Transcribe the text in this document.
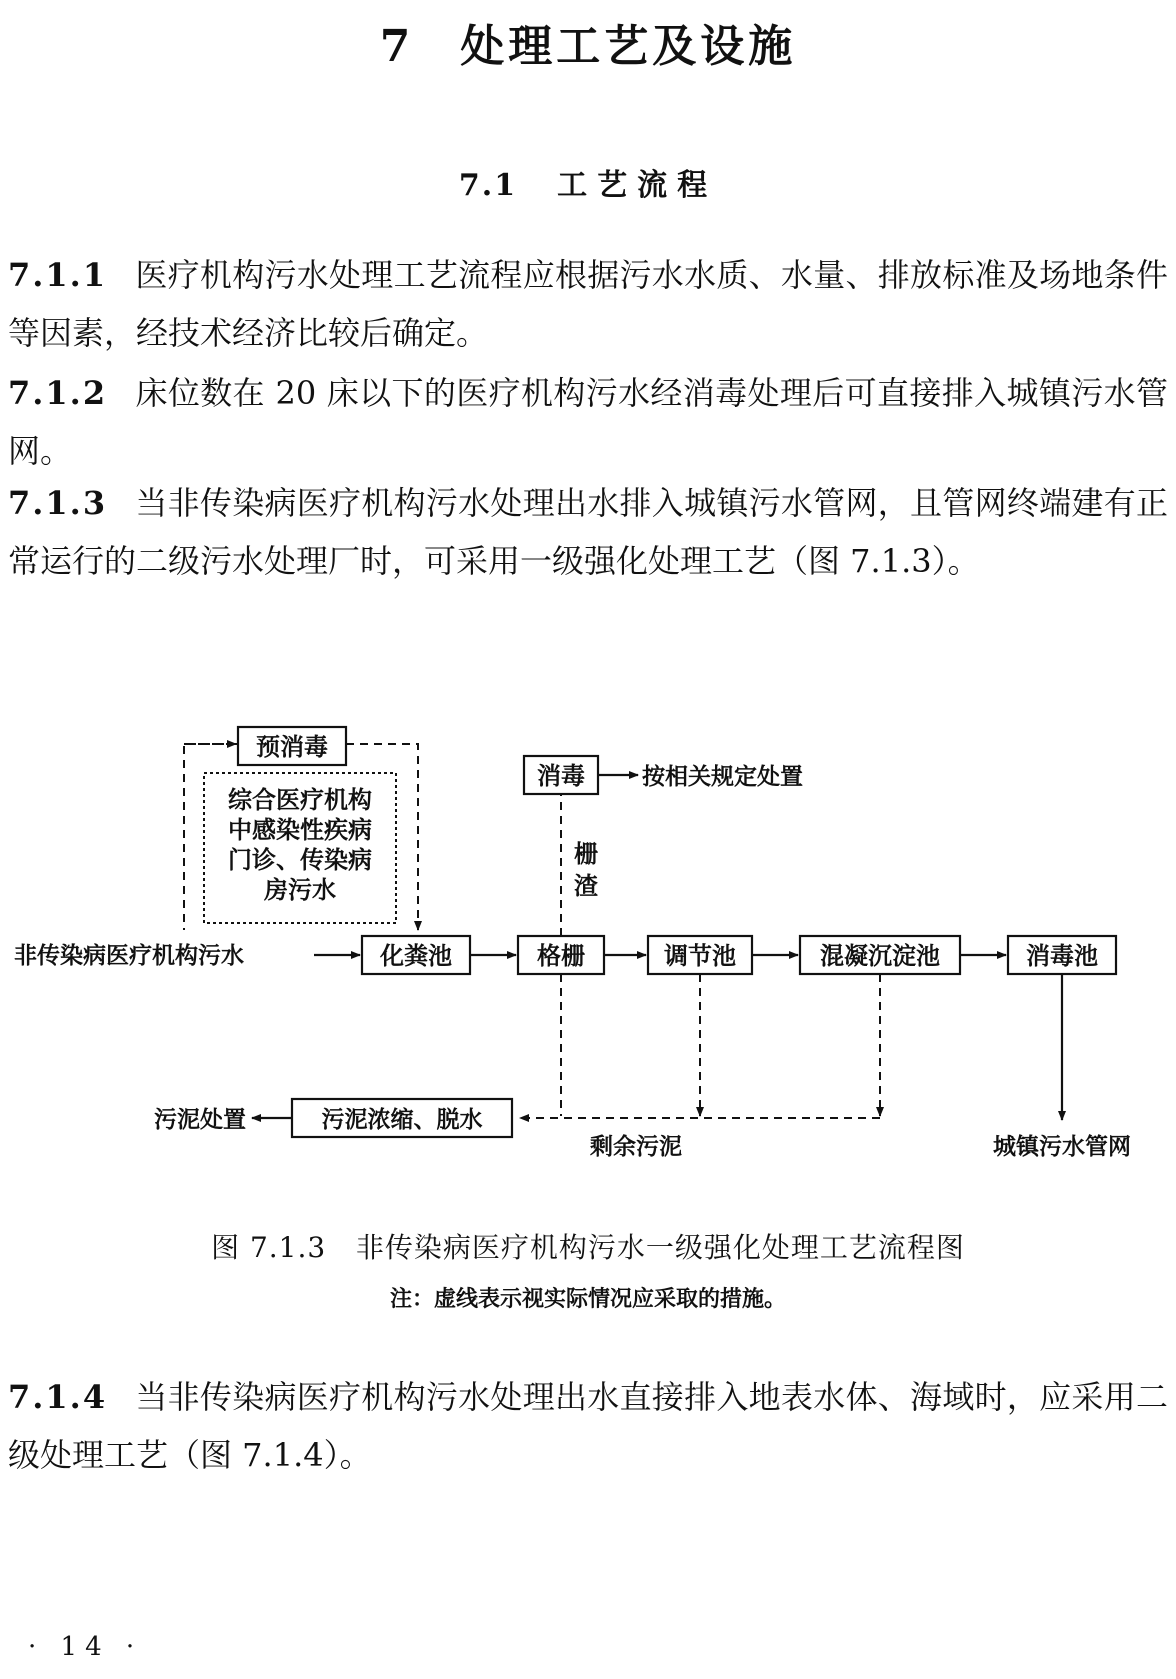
7 处理工艺及设施
7.1 工艺流程
7.1.1 医疗机构污水处理工艺流程应根据污水水质、水量、排放标准及场地条件等因素，经技术经济比较后确定。
7.1.2 床位数在 20 床以下的医疗机构污水经消毒处理后可直接排入城镇污水管网。
7.1.3 当非传染病医疗机构污水处理出水排入城镇污水管网，且管网终端建有正常运行的二级污水处理厂时，可采用一级强化处理工艺（图 7.1.3）。
预消毒
综合医疗机构
中感染性疾病
门诊、传染病
房污水
非传染病医疗机构污水	化粪池	格栅	调节池	混凝沉淀池	消毒池
城镇污水管网
栅
渣
消毒 按相关规定处置
剩余污泥
污泥浓缩、脱水
污泥处置
图 7.1.3 非传染病医疗机构污水一级强化处理工艺流程图
注：虚线表示视实际情况应采取的措施。
7.1.4 当非传染病医疗机构污水处理出水直接排入地表水体、海域时，应采用二级处理工艺（图 7.1.4）。
· 14 ·
